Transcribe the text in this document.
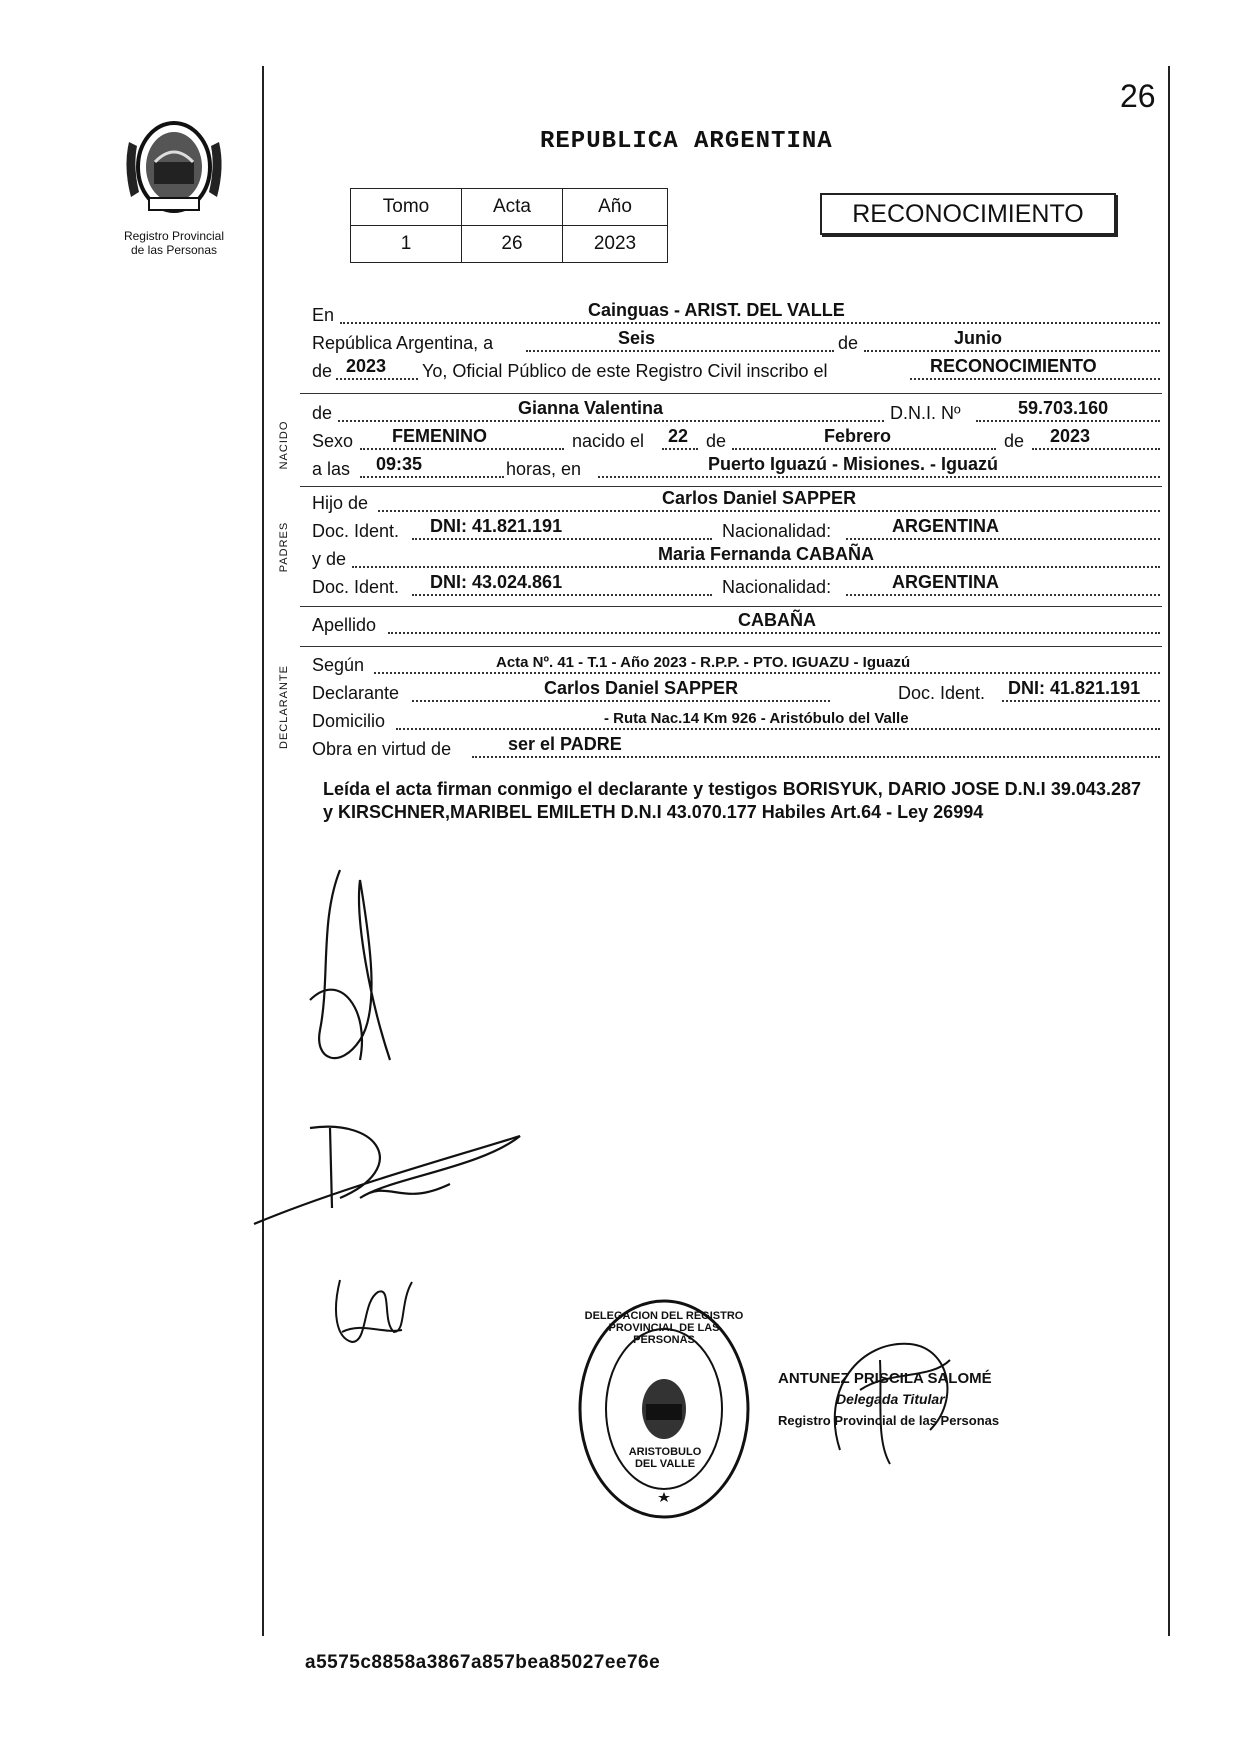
26
Registro Provincial
de las Personas
REPUBLICA ARGENTINA
Tomo	Acta	Año
1	26	2023
RECONOCIMIENTO
En	Cainguas - ARIST. DEL VALLE
República Argentina, a	Seis	de	Junio
de 2023 Yo, Oficial Público de este Registro Civil inscribo el	RECONOCIMIENTO
NACIDO
de	Gianna Valentina	D.N.I. Nº	59.703.160
Sexo FEMENINO	nacido el 22 de	Febrero	de 2023
a las 09:35	horas, en	Puerto Iguazú - Misiones. - Iguazú
PADRES
Hijo de	Carlos Daniel SAPPER
Doc. Ident. DNI: 41.821.191	Nacionalidad:	ARGENTINA
y de	Maria Fernanda CABAÑA
Doc. Ident. DNI: 43.024.861	Nacionalidad:	ARGENTINA
Apellido	CABAÑA
DECLARANTE
Según	Acta Nº. 41 - T.1 - Año 2023 - R.P.P. - PTO. IGUAZU - Iguazú
Declarante	Carlos Daniel SAPPER	Doc. Ident. DNI: 41.821.191
Domicilio	- Ruta Nac.14 Km 926 - Aristóbulo del Valle
Obra en virtud de	ser el PADRE
Leída el acta firman conmigo el declarante y testigos BORISYUK, DARIO JOSE D.N.I 39.043.287 y KIRSCHNER,MARIBEL EMILETH D.N.I 43.070.177 Habiles Art.64 - Ley 26994
DELEGACION DEL REGISTRO PROVINCIAL DE LAS PERSONAS
ARISTOBULO DEL VALLE
ANTUNEZ PRISCILA SALOMÉ
Delegada Titular
Registro Provincial de las Personas
a5575c8858a3867a857bea85027ee76e
